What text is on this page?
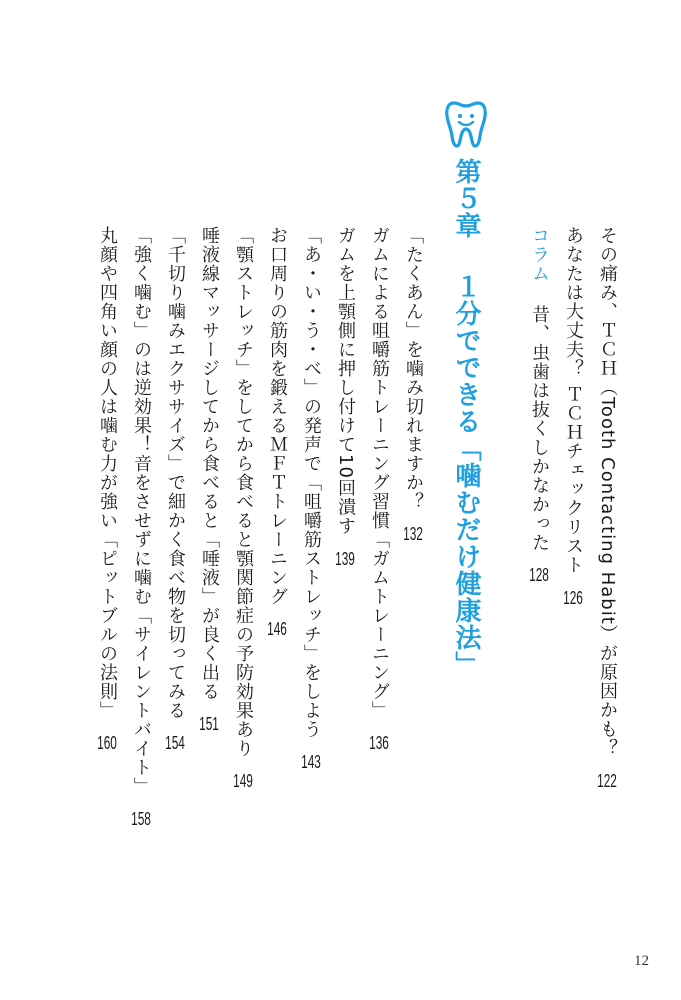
その痛み、ＴＣＨ（Tooth Contacting Habit）が原因かも？122
あなたは大丈夫？ ＴＣＨチェックリスト126
コラム昔、虫歯は抜くしかなかった128
第５章１分でできる「噛むだけ健康法」
「たくあん」を噛み切れますか？132
ガムによる咀嚼筋トレーニング習慣「ガムトレーニング」136
ガムを上顎側に押し付けて10回潰す139
「あ・い・う・べ」の発声で「咀嚼筋ストレッチ」をしよう143
お口周りの筋肉を鍛えるＭＦＴトレーニング146
「顎ストレッチ」をしてから食べると顎関節症の予防効果あり149
唾液線マッサージしてから食べると「唾液」が良く出る151
「千切り噛みエクササイズ」で細かく食べ物を切ってみる154
「強く噛む」のは逆効果！音をさせずに噛む「サイレントバイト」158
丸顔や四角い顔の人は噛む力が強い「ピットブルの法則」160
12
